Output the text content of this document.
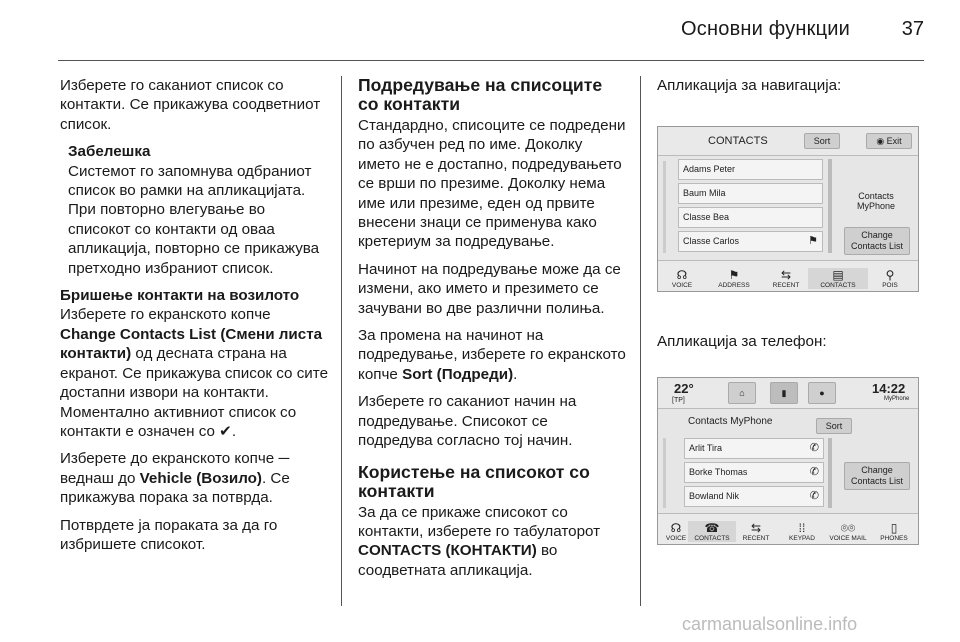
Основни функции	37

Изберете го саканиот список со контакти. Се прикажува соодветниот список.

Забелешка
Системот го запомнува одбраниот список во рамки на апликацијата. При повторно влегување во списокот со контакти од оваа апликација, повторно се прикажува претходно избраниот список.
Бришење контакти на возилото

Изберете го екранското копче Change Contacts List (Смени листа контакти) од десната страна на екранот. Се прикажува список со сите достапни извори на контакти. Моментално активниот список со контакти е означен со ✔.

Изберете до екранското копче ─ веднаш до Vehicle (Возило). Се прикажува порака за потврда.

Потврдете ја пораката за да го избришете списокот.

Подредување на списоците со контакти

Стандардно, списоците се подредени по азбучен ред по име. Доколку името не е достапно, подредувањето се врши по презиме. Доколку нема име или презиме, еден од првите внесени знаци се применува како кретериум за подредување.

Начинот на подредување може да се измени, ако името и презимето се зачувани во две различни полиња.

За промена на начинот на подредување, изберете го екранското копче Sort (Подреди).

Изберете го саканиот начин на подредување. Списокот се подредува согласно тој начин.

Користење на списокот со контакти

За да се прикаже списокот со контакти, изберете го табулаторот CONTACTS (КОНТАКТИ) во соодветната апликација.

Апликација за навигација:
Апликација за телефон:
CONTACTS	Sort	◉ Exit
Adams Peter
Baum Mila
Classe Bea
Classe Carlos	⚑
Contacts MyPhone
Change Contacts List
☊
VOICE
⚑
ADDRESS
⇆
RECENT
▤
CONTACTS
⚲
POIS
22°
[TP]
⌂	▮	●	14:22
MyPhone
Contacts MyPhone	Sort
Arlit Tira	✆
Borke Thomas	✆
Bowland Nik	✆
Change Contacts List
☊
VOICE
☎
CONTACTS
⇆
RECENT
⁞⁞
KEYPAD
⌾⌾
VOICE MAIL
▯
PHONES
carmanualsonline.info
